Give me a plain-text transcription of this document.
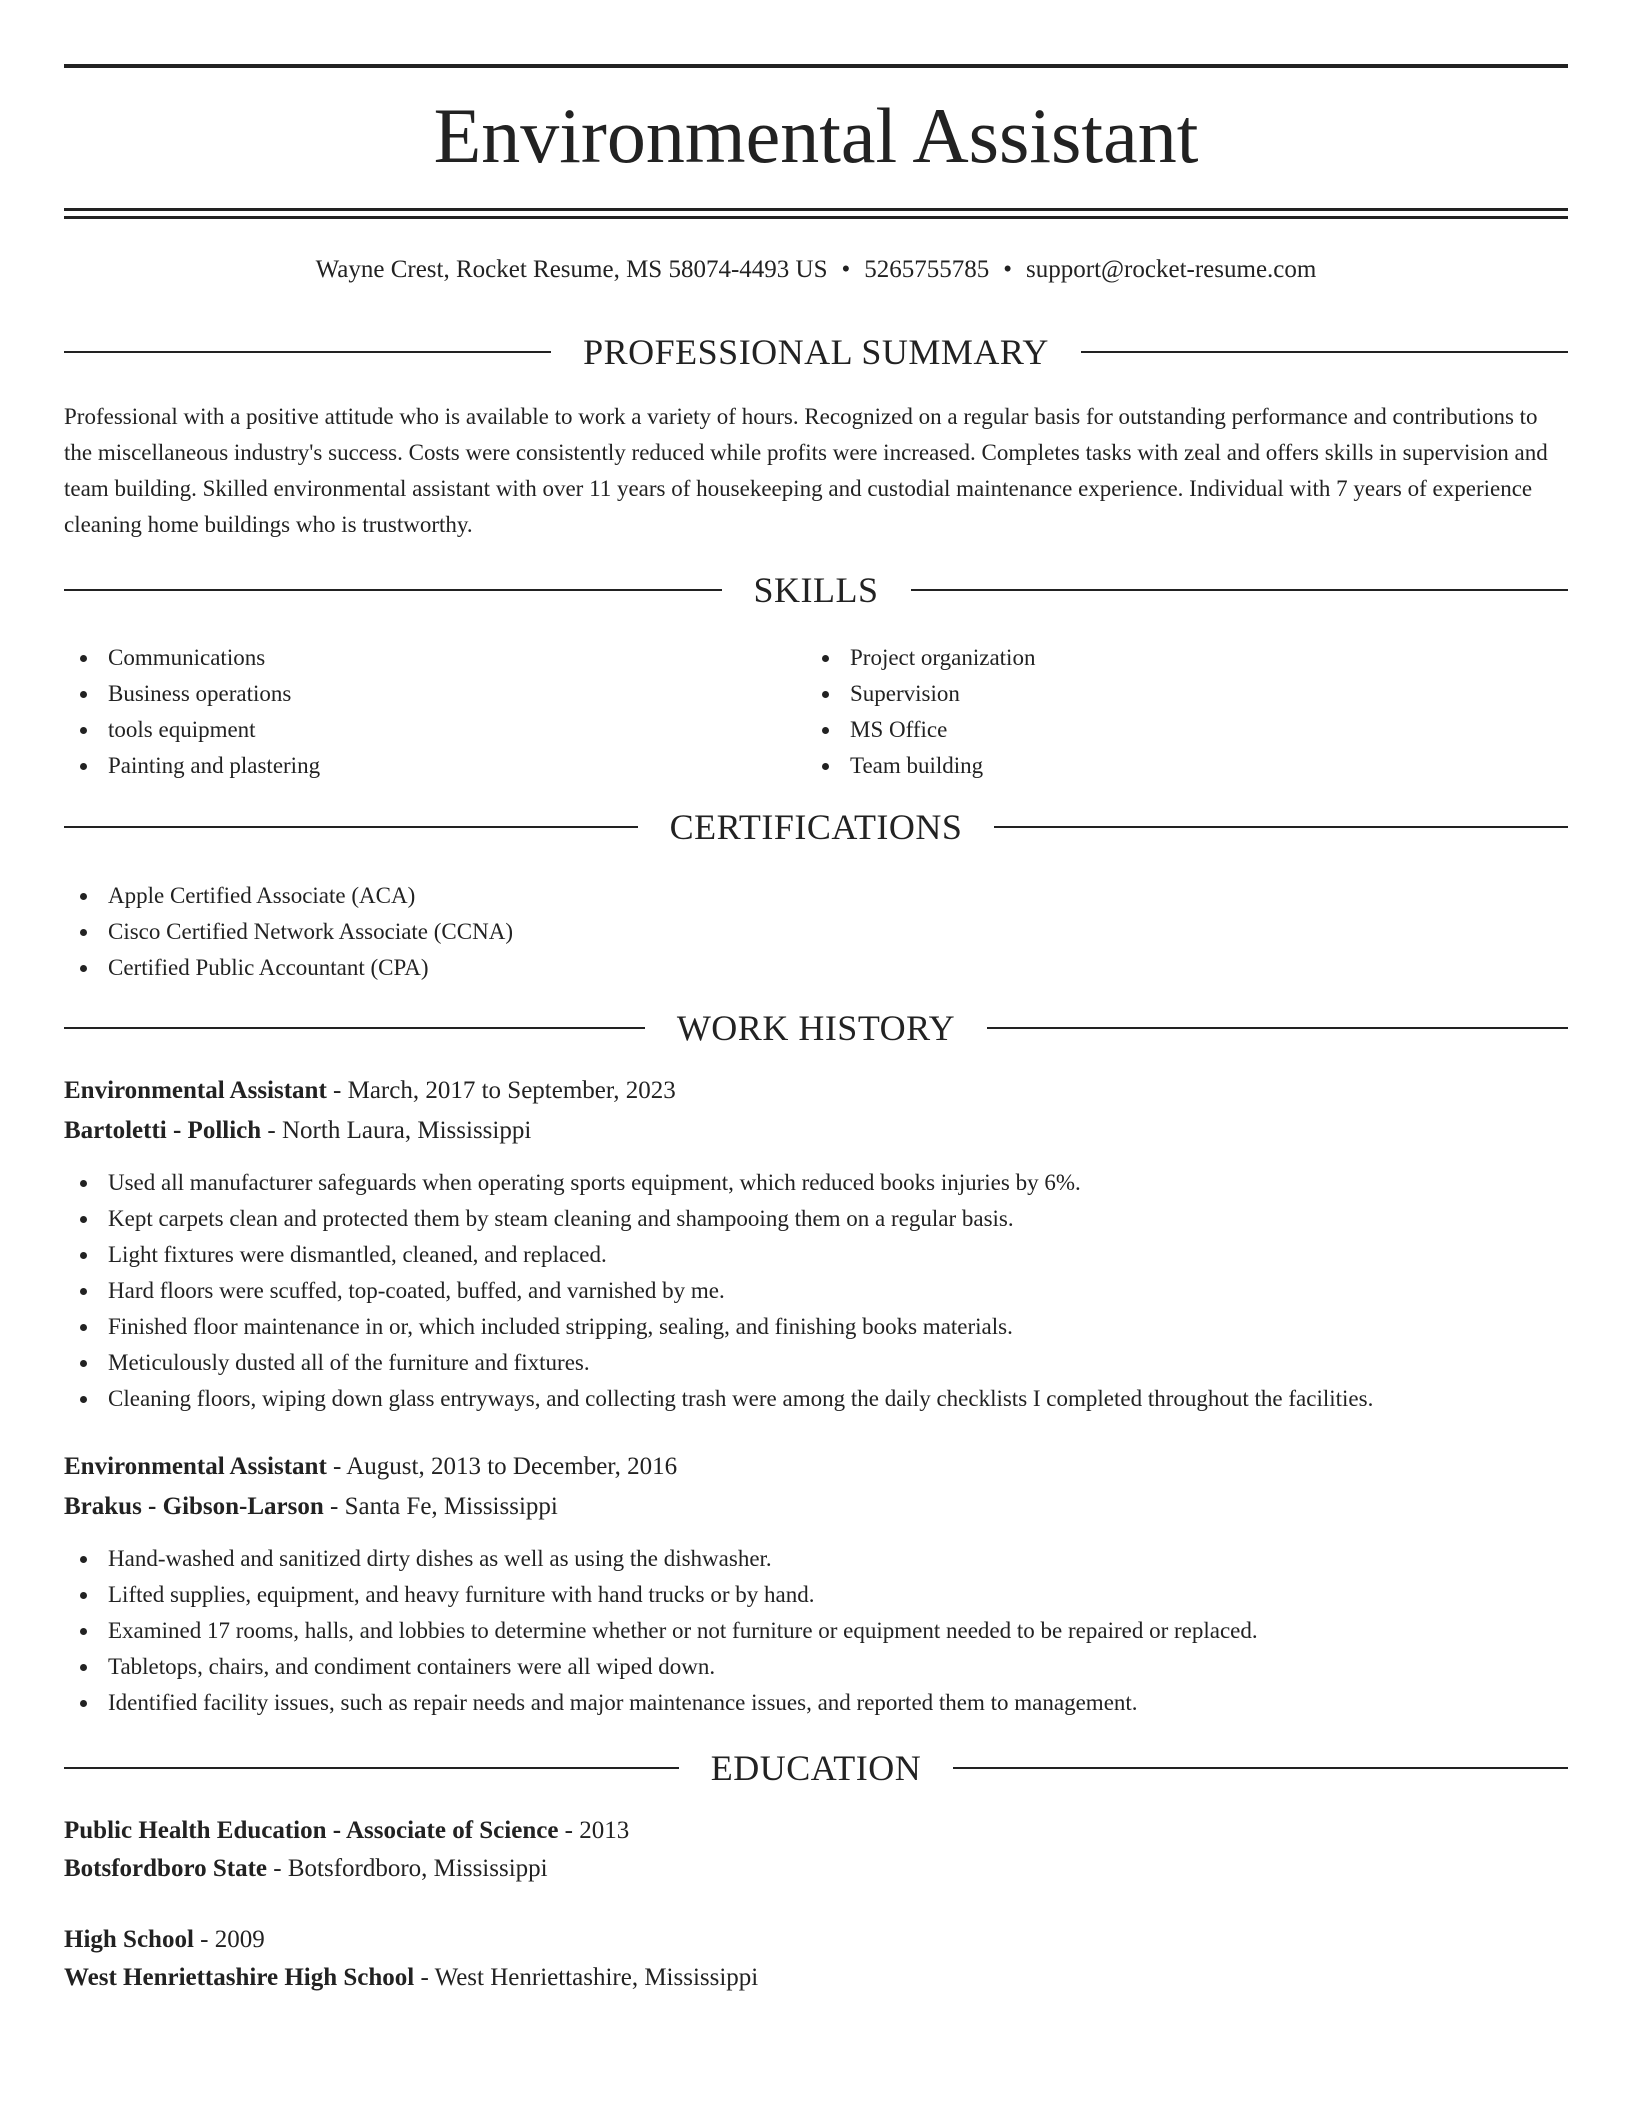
Environmental Assistant
Wayne Crest, Rocket Resume, MS 58074-4493 US • 5265755785 • support@rocket-resume.com
PROFESSIONAL SUMMARY
Professional with a positive attitude who is available to work a variety of hours. Recognized on a regular basis for outstanding performance and contributions to the miscellaneous industry's success. Costs were consistently reduced while profits were increased. Completes tasks with zeal and offers skills in supervision and team building. Skilled environmental assistant with over 11 years of housekeeping and custodial maintenance experience. Individual with 7 years of experience cleaning home buildings who is trustworthy.
SKILLS
Communications
Business operations
tools equipment
Painting and plastering
Project organization
Supervision
MS Office
Team building
CERTIFICATIONS
Apple Certified Associate (ACA)
Cisco Certified Network Associate (CCNA)
Certified Public Accountant (CPA)
WORK HISTORY
Environmental Assistant - March, 2017 to September, 2023
Bartoletti - Pollich - North Laura, Mississippi
Used all manufacturer safeguards when operating sports equipment, which reduced books injuries by 6%.
Kept carpets clean and protected them by steam cleaning and shampooing them on a regular basis.
Light fixtures were dismantled, cleaned, and replaced.
Hard floors were scuffed, top-coated, buffed, and varnished by me.
Finished floor maintenance in or, which included stripping, sealing, and finishing books materials.
Meticulously dusted all of the furniture and fixtures.
Cleaning floors, wiping down glass entryways, and collecting trash were among the daily checklists I completed throughout the facilities.
Environmental Assistant - August, 2013 to December, 2016
Brakus - Gibson-Larson - Santa Fe, Mississippi
Hand-washed and sanitized dirty dishes as well as using the dishwasher.
Lifted supplies, equipment, and heavy furniture with hand trucks or by hand.
Examined 17 rooms, halls, and lobbies to determine whether or not furniture or equipment needed to be repaired or replaced.
Tabletops, chairs, and condiment containers were all wiped down.
Identified facility issues, such as repair needs and major maintenance issues, and reported them to management.
EDUCATION
Public Health Education - Associate of Science - 2013
Botsfordboro State - Botsfordboro, Mississippi
High School - 2009
West Henriettashire High School - West Henriettashire, Mississippi
